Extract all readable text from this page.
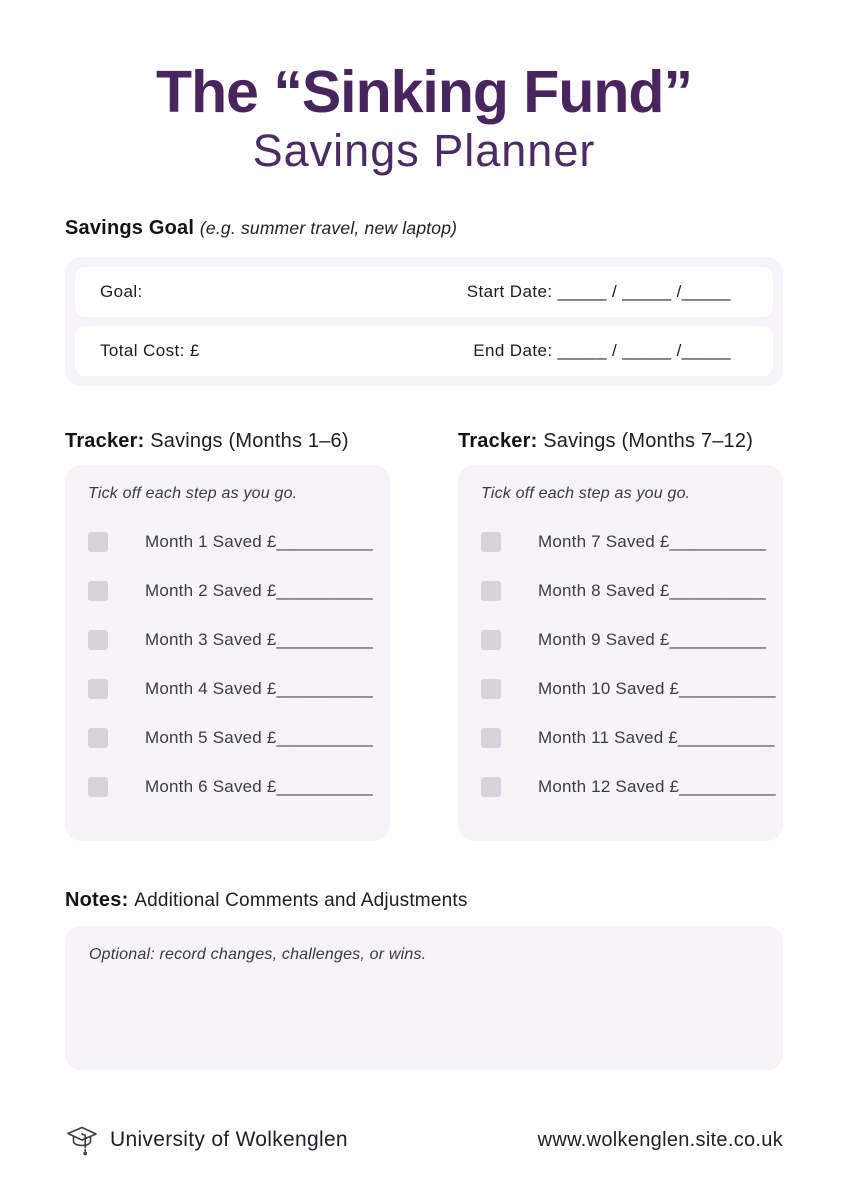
The “Sinking Fund”
Savings Planner
Savings Goal (e.g. summer travel, new laptop)
Goal:	Start Date: _____ / _____ /_____
Total Cost: £	End Date: _____ / _____ /_____
Tracker: Savings (Months 1–6)
Tick off each step as you go.
Month 1 Saved £__________
Month 2 Saved £__________
Month 3 Saved £__________
Month 4 Saved £__________
Month 5 Saved £__________
Month 6 Saved £__________
Tracker: Savings (Months 7–12)
Tick off each step as you go.
Month 7 Saved £__________
Month 8 Saved £__________
Month 9 Saved £__________
Month 10 Saved £__________
Month 11 Saved £__________
Month 12 Saved £__________
Notes: Additional Comments and Adjustments
Optional: record changes, challenges, or wins.
University of Wolkenglen	www.wolkenglen.site.co.uk
